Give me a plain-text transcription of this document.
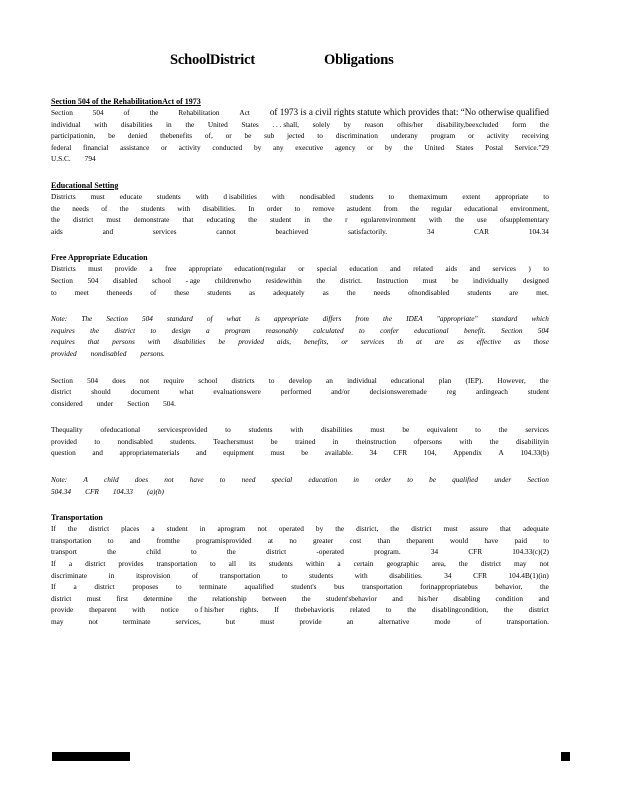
SchoolDistrict	Obligations
Section 504 of the RehabilitationAct of 1973
Section	504	of	the	Rehabilitation	Act of 1973 is a civil rights statute which provides that: “No otherwise qualified
individual with disabilities in the United States . . . shall, solely by reason ofhis/her disability,beexcluded form the
participationin, be denied thebenefits of, or be sub jected to discrimination underany program or activity receiving
federal financial assistance or activity conducted by any executive agency or by the United States Postal Service.”29
U.S.C. 794
Educational Setting
Districts must educate students with d isabilities with nondisabled students to themaximum extent appropriate to
the needs of the students with disabilities. In order to remove astudent from the regular educational environment,
the district must demonstrate that educating the student in the r egularenvironment with the use ofsupplementary
aids	and	services	cannot	beachieved	satisfactorily.	34	CAR	104.34
Free Appropriate Education
Districts must provide a free appropriate education(regular or special education and related aids and services ) to
Section 504 disabled school - age childrenwho residewithin the district. Instruction must be individually designed
to meet theneeds of these students as adequately as the needs ofnondisabled students are met.
Note: The Section 504 standard of what is appropriate differs from the IDEA "appropriate" standard which
requires the district to design a program reasonably calculated to confer educational benefit. Section 504
requires that persons with disabilities be provided aids, benefits, or services th at are as effective as those
provided nondisabled persons.
Section 504 does not require school districts to develop an individual educational plan (IEP). However, the
district	should	document	what	evaluationswere	performed	and/or	decisionsweremade	reg	ardingeach	student
considered under Section 504.
Thequality ofeducational servicesprovided to students with disabilities must be equivalent to the services
provided to nondisabled students. Teachersmust be trained in theinstruction ofpersons with the disabilityin
question and appropriatematerials and equipment must be available. 34 CFR 104, Appendix A 104.33(b)
Note: A child does not have to need special education in order to be qualified under Section
504.34 CFR 104.33 (a)(b)
Transportation
If the district places a student in aprogram not operated by the district, the district must assure that adequate
transportation to and fromthe programisprovided at no greater cost than theparent would have paid to
transport	the	child	to	the	district	-operated	program.	34	CFR	104.33(c)(2)
If a district provides transportation to all its students within a certain geographic area, the district may not
discriminate	in	itsprovision	of	transportation	to	students	with	disabilities.	34	CFR	104.4B(1)(in)
If a district proposes to terminate aqualified student's bus transportation forinappropriatebus behavior, the
district must first determine the relationship between the student'sbehavior and his/her disabling condition and
provide theparent with notice o f his/her rights. If thebehavioris related to the disablingcondition, the district
may	not	terminate	services,	but	must	provide	an	alternative	mode	of	transportation.
